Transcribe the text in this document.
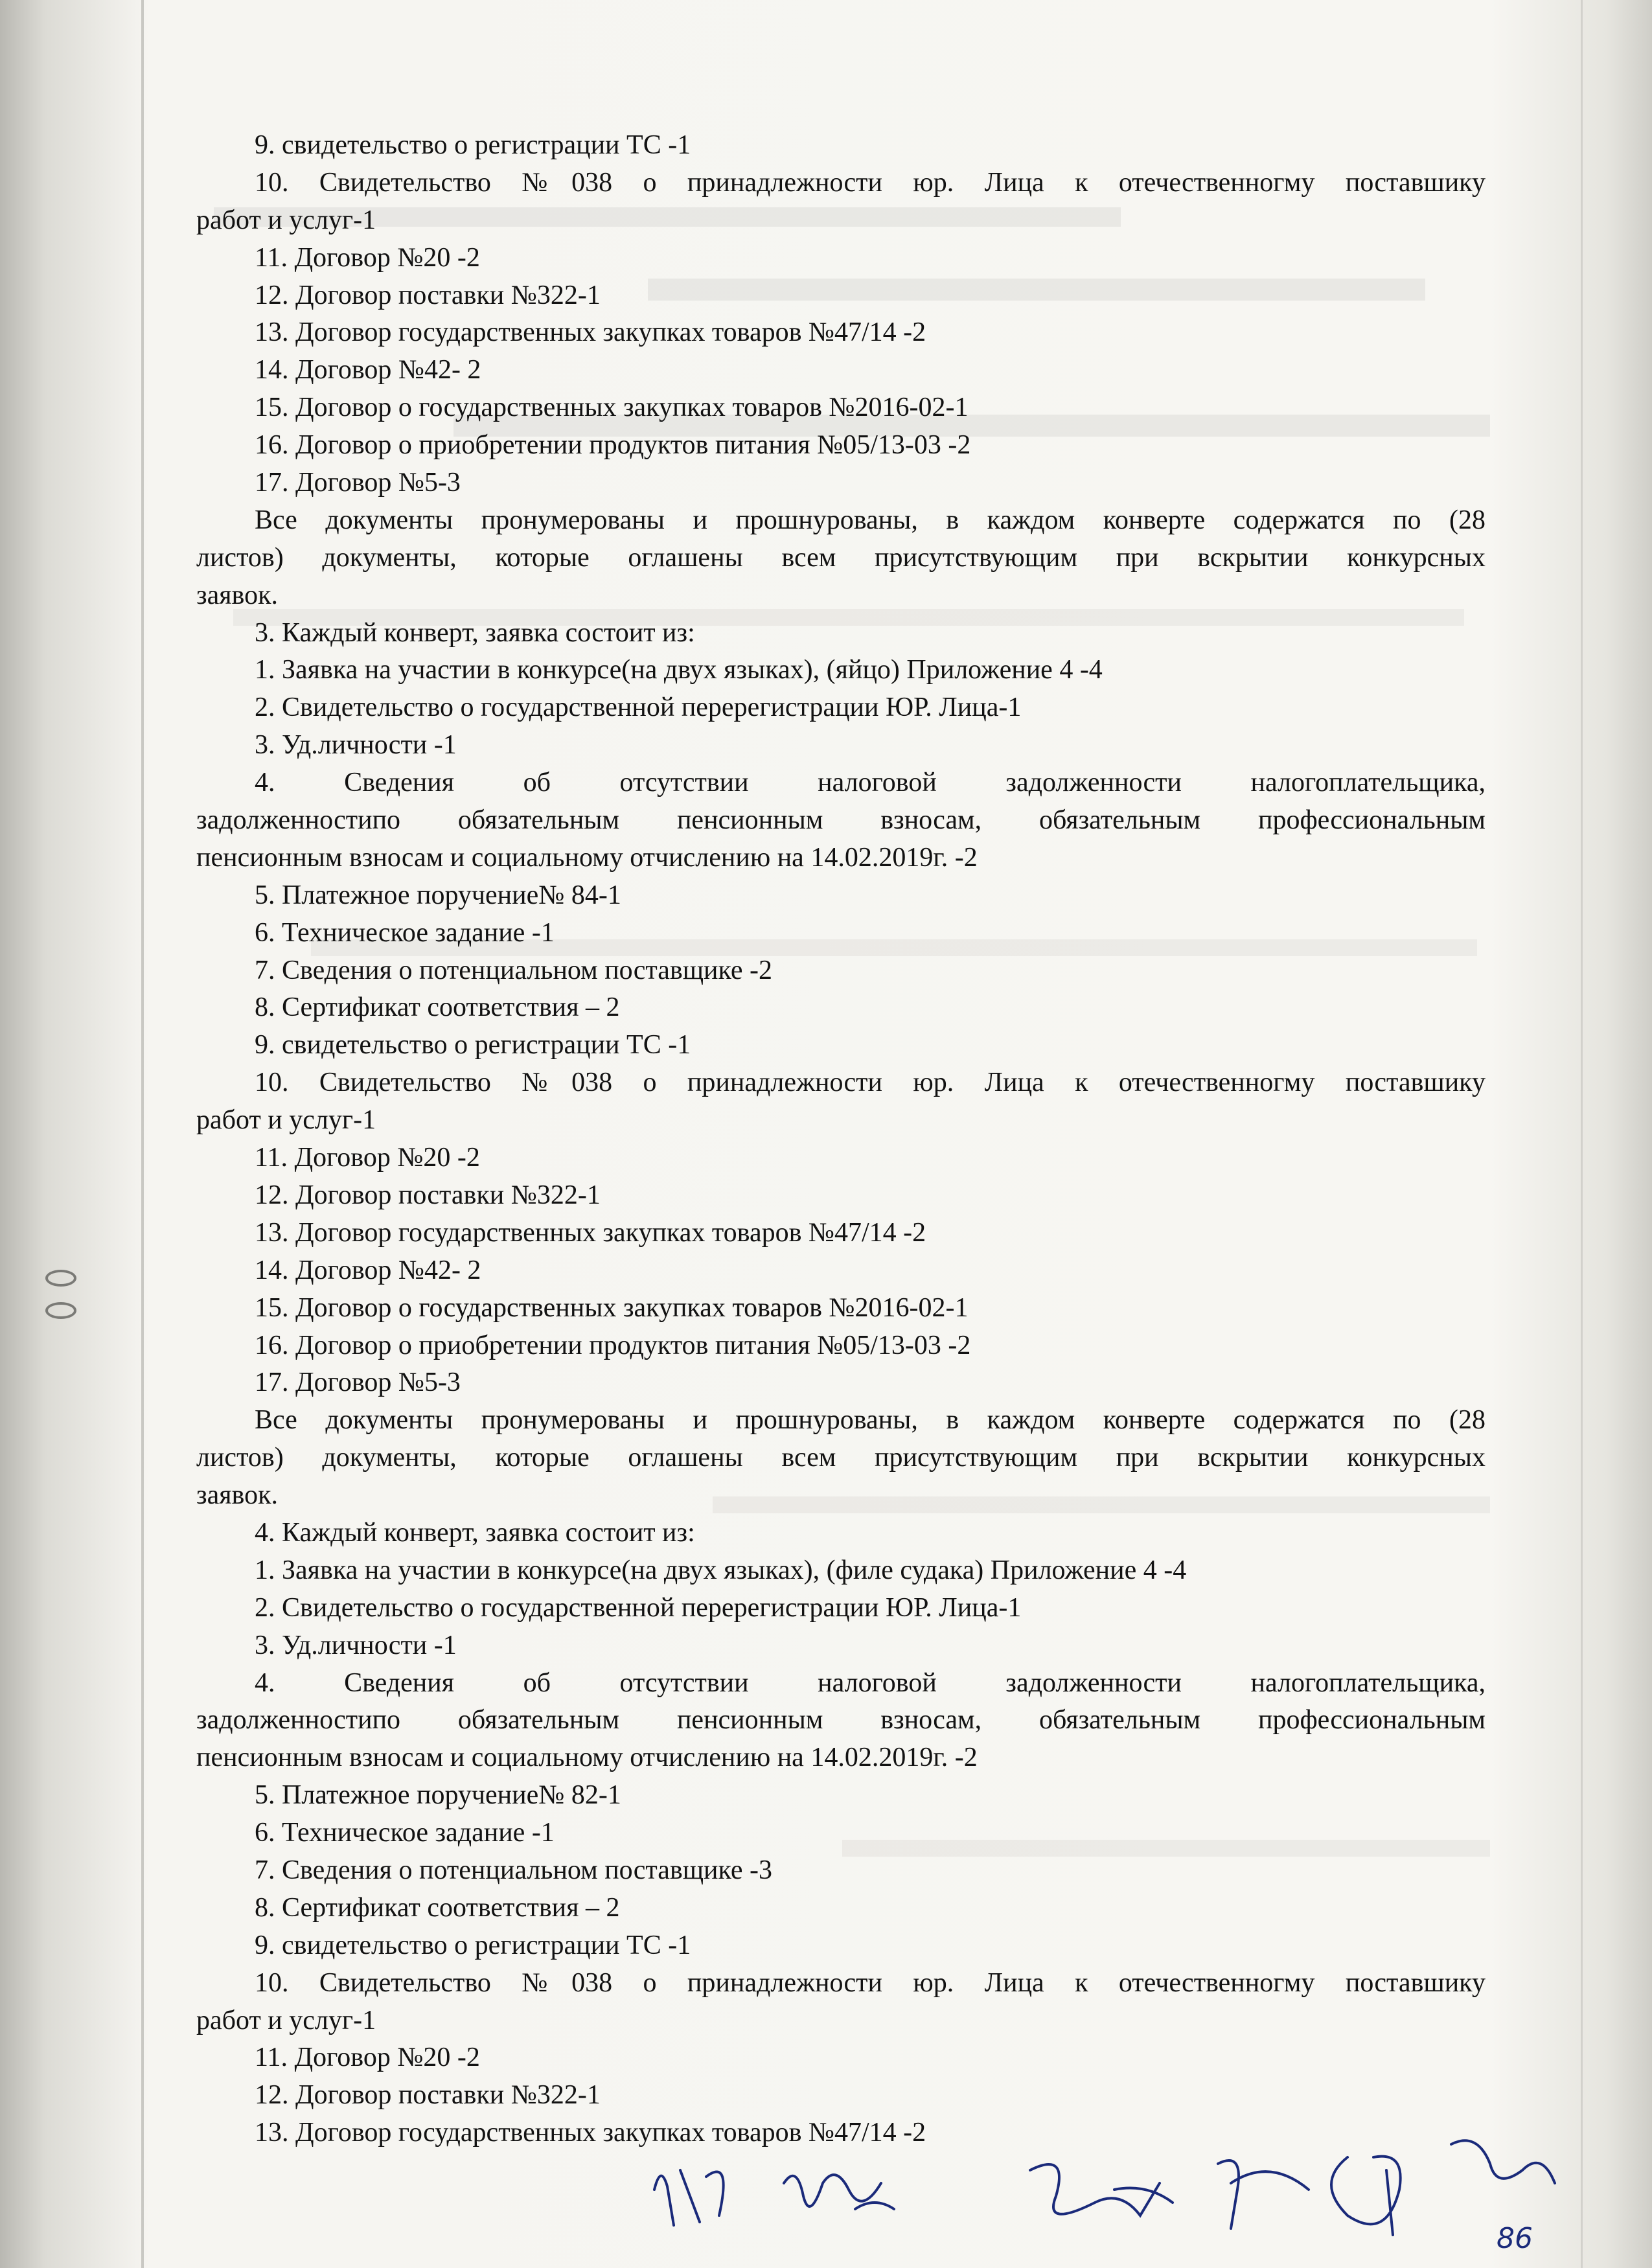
9. свидетельство о регистрации ТС -1
10. Свидетельство №038 о принадлежности юр. Лица к отечественногму поставшику
работ и услуг-1
11. Договор №20 -2
12. Договор поставки №322-1
13. Договор государственных закупках товаров №47/14 -2
14. Договор №42- 2
15. Договор о государственных закупках товаров №2016-02-1
16. Договор о приобретении продуктов питания №05/13-03 -2
17. Договор №5-3
Все документы пронумерованы и прошнурованы, в каждом конверте содержатся по (28
листов) документы, которые оглашены всем присутствующим при вскрытии конкурсных
заявок.
3. Каждый конверт, заявка состоит из:
1. Заявка на участии в конкурсе(на двух языках), (яйцо) Приложение 4 -4
2. Свидетельство о государственной перерегистрации ЮР. Лица-1
3. Уд.личности -1
4. Сведения об отсутствии налоговой задолженности налогоплательщика,
задолженностипо обязательным пенсионным взносам, обязательным профессиональным
пенсионным взносам и социальному отчислению на 14.02.2019г. -2
5. Платежное поручение№ 84-1
6. Техническое задание -1
7. Сведения о потенциальном поставщике -2
8. Сертификат соответствия – 2
9. свидетельство о регистрации ТС -1
10. Свидетельство №038 о принадлежности юр. Лица к отечественногму поставшику
работ и услуг-1
11. Договор №20 -2
12. Договор поставки №322-1
13. Договор государственных закупках товаров №47/14 -2
14. Договор №42- 2
15. Договор о государственных закупках товаров №2016-02-1
16. Договор о приобретении продуктов питания №05/13-03 -2
17. Договор №5-3
Все документы пронумерованы и прошнурованы, в каждом конверте содержатся по (28
листов) документы, которые оглашены всем присутствующим при вскрытии конкурсных
заявок.
4. Каждый конверт, заявка состоит из:
1. Заявка на участии в конкурсе(на двух языках), (филе судака) Приложение 4 -4
2. Свидетельство о государственной перерегистрации ЮР. Лица-1
3. Уд.личности -1
4. Сведения об отсутствии налоговой задолженности налогоплательщика,
задолженностипо обязательным пенсионным взносам, обязательным профессиональным
пенсионным взносам и социальному отчислению на 14.02.2019г. -2
5. Платежное поручение№ 82-1
6. Техническое задание -1
7. Сведения о потенциальном поставщике -3
8. Сертификат соответствия – 2
9. свидетельство о регистрации ТС -1
10. Свидетельство №038 о принадлежности юр. Лица к отечественногму поставшику
работ и услуг-1
11. Договор №20 -2
12. Договор поставки №322-1
13. Договор государственных закупках товаров №47/14 -2
86
